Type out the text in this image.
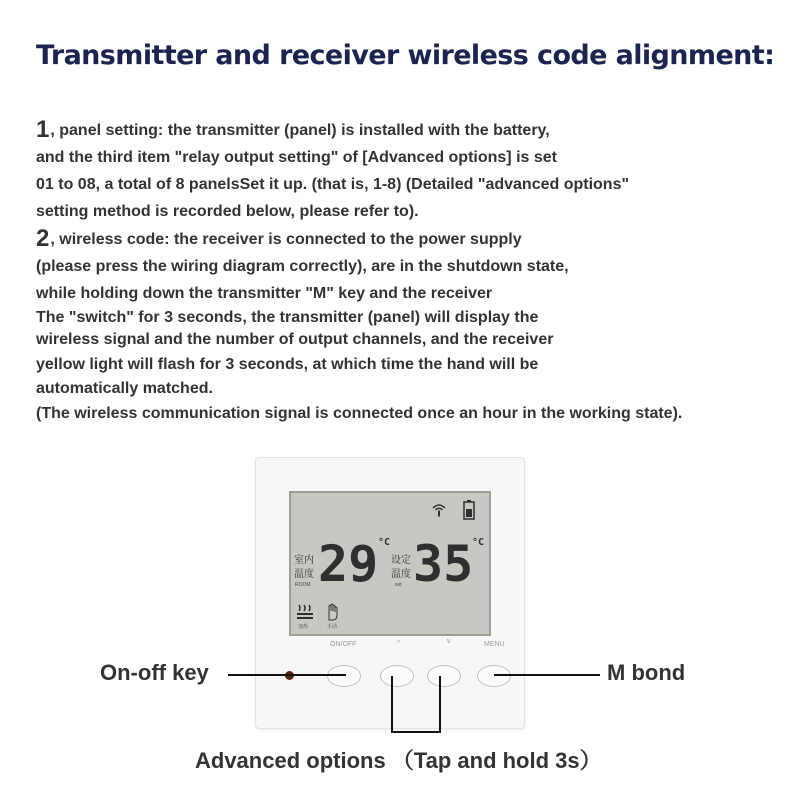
Transmitter and receiver wireless code alignment:
1, panel setting: the transmitter (panel) is installed with the battery,
and the third item "relay output setting" of [Advanced options] is set
01 to 08, a total of 8 panelsSet it up. (that is, 1-8) (Detailed "advanced options"
setting method is recorded below, please refer to).
2, wireless code: the receiver is connected to the power supply
(please press the wiring diagram correctly), are in the shutdown state,
while holding down the transmitter "M" key and the receiver
The "switch" for 3 seconds, the transmitter (panel) will display the
wireless signal and the number of output channels, and the receiver
yellow light will flash for 3 seconds, at which time the hand will be
automatically matched.
(The wireless communication signal is connected once an hour in the working state).
室内
温度
ROOM 29 °C
设定
温度
set 35
°C
加热	手动
ON/OFF	^	v	MENU
On-off key	M bond
Advanced options （Tap and hold 3s）
